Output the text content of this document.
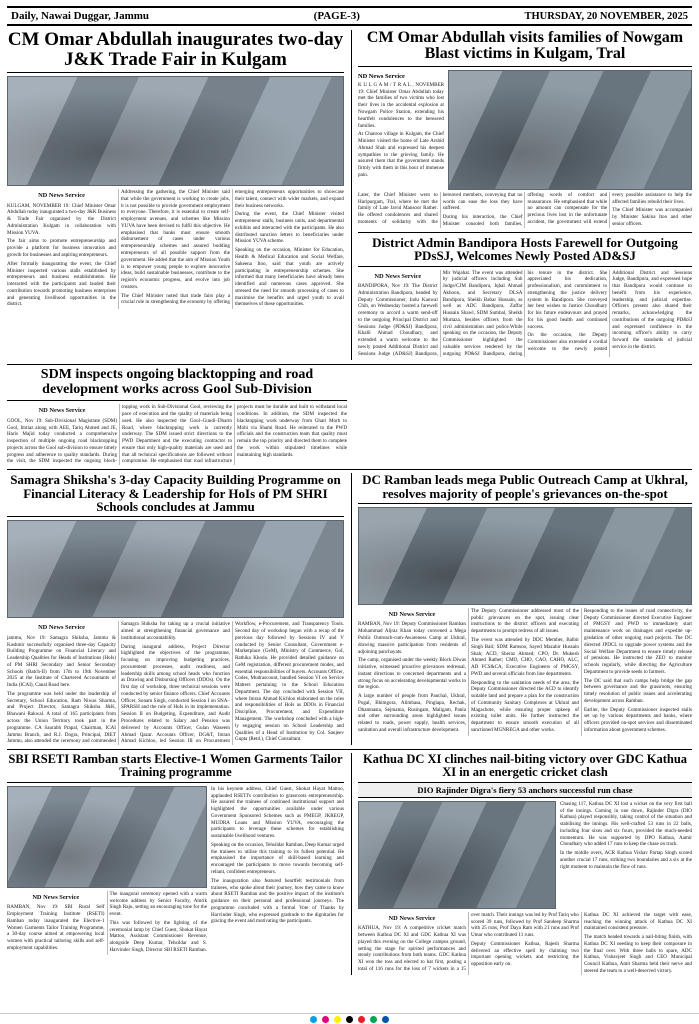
Daily, Nawai Duggar, Jammu	(PAGE-3)	THURSDAY, 20 NOVEMBER, 2025
CM Omar Abdullah inaugurates two-day J&K Trade Fair in Kulgam
ND News Service

KULGAM, NOVEMBER 19: Chief Minister Omar Abdullah today inaugurated a two-day J&K Business & Trade Fair organised by the District Administration Kulgam in collaboration with Mission YUVA.

The fair aims to promote entrepreneurship and provide a platform for business innovation and growth for businesses and aspiring entrepreneurs.

After formally inaugurating the event, the Chief Minister inspected various stalls established by entrepreneurs and business establishments. He interacted with the participants and lauded their contribution towards promoting business enterprises and generating livelihood opportunities in the district.

Addressing the gathering, the Chief Minister said that while the government is working to create jobs, it is not possible to provide government employment to everyone. Therefore, it is essential to create self-employment avenues, and schemes like Mission YUVA have been devised to fulfil this objective. He emphasised that banks must ensure smooth disbursement of cases under various entrepreneurship schemes and assured budding entrepreneurs of all possible support from the government. He added that the aim of Mission Youth is to empower young people to explore innovative ideas, build sustainable businesses, contribute to the region's economic progress, and evolve into job creators.

The Chief Minister noted that trade fairs play a crucial role in strengthening the economy by offering emerging entrepreneurs opportunities to showcase their talent, connect with wider markets, and expand their business networks.

During the event, the Chief Minister visited entrepreneur stalls, business units, and departmental exhibits and interacted with the participants. He also distributed sanction letters to beneficiaries under Mission YUVA scheme.

Speaking on the occasion, Minister for Education, Health & Medical Education and Social Welfare, Sakeena Itoo, said that youth are actively participating in entrepreneurship schemes. She informed that many beneficiaries have already been identified and numerous cases approved. She stressed the need for smooth processing of cases to maximise the benefits and urged youth to avail themselves of these opportunities.

CM Omar Abdullah visits families of Nowgam Blast victims in Kulgam, Tral
ND News Service

K U L G A M / T R A L , NOVEMBER 19: Chief Minister Omar Abdullah today met the families of two victims who lost their lives in the accidental explosion at Nowgam Police Station, extending his heartfelt condolences to the bereaved families.

At Chanroo village in Kulgam, the Chief Minister visited the home of Late Arshid Ahmad Shah and expressed his deepest sympathies to the grieving family. He assured them that the government stands firmly with them in this hour of immense pain.

Later, the Chief Minister went to Huripurgam, Tral, where he met the family of Late Javid Mansoor Rather. He offered condolences and shared moments of solidarity with the bereaved members, conveying that no words can ease the loss they have suffered.

During his interaction, the Chief Minister consoled both families, offering words of comfort and reassurance. He emphasised that while no amount can compensate for the precious lives lost in the unfortunate accident, the government will extend every possible assistance to help the affected families rebuild their lives.

The Chief Minister was accompanied by Minister Sakina Itoo and other senior officers.

District Admin Bandipora Hosts Farewell for Outgoing PDsSJ, Welcomes Newly Posted AD&SJ
ND News Service

BANDIPORA, Nov 19: The District Administration Bandipora, headed by Deputy Commissioner, Indu Kanwal Chib, on Wednesday hosted a farewell ceremony to accord a warm send-off to the outgoing Principal District and Sessions Judge (PD&SJ) Bandipora, Khalil Ahmad Choudhary, and extended a warm welcome to the newly posted Additional District and Sessions Judge (AD&SJ) Bandipora, Mir Wajahat. The event was attended by judicial officers including Sub Judge/CJM Bandipora, Iqbal Ahmad Akhoon, and Secretary DLSA Bandipora, Sheikh Babar Hussain, as well as ADC Bandipora, Zaffar Hussain Shawl, SDM Sumbal, Sheikh Murtaza, besides officers from the civil administration and police.While speaking on the occasion, the Deputy Commissioner highlighted the valuable services rendered by the outgoing PD&SJ Bandipora, during his tenure in the district. She appreciated his dedication, professionalism, and commitment to strengthening the justice delivery system in Bandipora. She conveyed her best wishes to Justice Choudhary for his future endeavours and prayed for his good health and continued success.

On the occasion, the Deputy Commissioner also extended a cordial welcome to the newly posted Additional District and Sessions Judge, Bandipora, and expressed hope that Bandipora would continue to benefit from his experience, leadership, and judicial expertise. Officers present also shared their remarks, acknowledging the contributions of the outgoing PD&SJ and expressed confidence in the incoming officer's ability to carry forward the standards of judicial service in the district.

SDM inspects ongoing blacktopping and road development works across Gool Sub-Division
ND News Service

GOOL, Nov 19: Sub-Divisional Magistrate (SDM) Gool, Imtiaz along with AEE, Tariq Ahmed and JE, Haris Majid today conducted a comprehensive inspection of multiple ongoing road blacktopping projects across the Gool sub-division to ensure timely progress and adherence to quality standards. During the visit, the SDM inspected the ongoing block-topping work in Sub-Divisional Gool, reviewing the pace of execution and the quality of materials being used. He also inspected the Gool–Gundi–Dharm Road, where blacktopping work is currently underway. The SDM issued strict directions to the PWD Department and the executing contractor to ensure that only high-quality materials are used and that all technical specifications are followed without compromise. He emphasised that road infrastructure projects must be durable and built to withstand local conditions. In addition, the SDM inspected the blacktopping work underway from Ghari Morh to Mohi via Shami Road. He reiterated to the PWD officials and the construction team that quality must remain the top priority and directed them to complete the work within stipulated timelines while maintaining high standards.

Samagra Shiksha's 3-day Capacity Building Programme on Financial Literacy & Leadership for HoIs of PM SHRI Schools concludes at Jammu
ND News Service

jammu, Nov 19: Samagra Shiksha, Jammu & Kashmir successfully organised three-day Capacity Building Programme on Financial Literacy and Leadership Qualities for Heads of Institutions (HoIs) of PM SHRI Secondary and Senior Secondary Schools (Batch-II) from 17th to 19th November 2025 at the Institute of Chartered Accountants of India (ICAI), Canal Road here.

The programme was held under the leadership of Secretary, School Education, Ram Niwas Sharma, and Project Director, Samagra Shiksha J&K, Bhawani Rakwal. A total of 165 participants from across the Union Territory took part in the programme. CA Saurabh Prapal, Chairman, ICAI Jammu Branch, and R.J. Dogra, Principal, DIET Jammu, also attended the ceremony and commended Samagra Shiksha for taking up a crucial initiative aimed at strengthening financial governance and institutional accountability.

During inaugural address, Project Director highlighted the objectives of the programme, focusing on improving budgeting practices, procurement processes, audit readiness, and leadership skills among school heads who function as Drawing and Disbursing Officers (DDOs). On the first day of workshop, three technical sessions were conducted by senior finance officers. Chief Accounts Officer, Sonam Singh, conducted Session I on SNA–SPARSH and the role of HoIs in its implementation. Session II on Budgeting, Expenditure, and Audit Procedures related to Salary and Pension was delivered by Accounts Officer, Gulan Waseem Ahmad Qazar. Accounts Officer, DG&T, Imran Ahmad Kichloo, led Session III on Procurement Workflow, e-Procurement, and Transparency Tools. Second day of workshop began with a recap of the previous day followed by Sessions IV and V conducted by Senior Consultant, Government e-Marketplace (GeM), Ministry of Commerce, GoI, Rathika Khoda. He provided detailed guidance on GeM registration, different procurement modes, and essential responsibilities of buyers. Accounts Officer, Codes, Mudrascount, handled Session VI on Service Matters pertaining to the School Education Department. The day concluded with Session VII, where Imran Ahmad Kichloo elaborated on the roles and responsibilities of HoIs as DDOs in Financial Discipline, Procurement, and Expenditure Management. The workshop concluded with a high-ly engaging session on School Leadership and Qualities of a Head of Institution by Col. Sanjeev Gupta (Retd.), Chief Consultant.

DC Ramban leads mega Public Outreach Camp at Ukhral, resolves majority of people's grievances on-the-spot
ND News Service

RAMBAN, Nov 19: Deputy Commissioner Ramban Mohammad Aljraz Khan today convened a Mega Public Outreach-cum-Awareness Camp at Ukhral, drawing massive participation from residents of adjoining panchayats.

The camp, organised under the weekly Block Diwas initiative, witnessed proactive grievances redressal, instant directions to concerned departments and a strong focus on accelerating developmental works in the region.

A large number of people from Panchal, Ukhral, Pogal, Bhimgora, Alimbasa, Pinglapa, Rechak, Dhamnasta, Sejmatna, Rusingam, Maligam, Panla and other surrounding areas highlighted issues related to roads, power supply, health services, sanitation and overall infrastructure development.

The Deputy Commissioner addressed most of the public grievances on the spot, issuing clear instructions to the district officers and executing departments to prompt redress of all issues.

The event was attended by DDC Member, Balbir Singh Bali; SDM Ramsoo, Sayed Mazahir Hussain Shah; ACD, Sheraz Ahmed; CPO, Dr. Mukesh Ahmed Rather; CMO, CHO, CAO, CAHO, ALC, AD FCS&CA, Executive Engineers of PMGSY, PWD and several officials from line departments.

Responding to the sanitation needs of the area, the Deputy Commissioner directed the ACD to identify suitable land and prepare a plan for the construction of Community Sanitary Complexes at Ukhral and Magachote, while ensuring proper upkeep of existing toilet units. He further instructed the department to ensure smooth execution of all sanctioned MGNREGA and other works.

Responding to the issues of road connectivity, the Deputy Commissioner directed Executive Engineer of PMGSY and PWD to immediately start maintenance work on drainages and expedite up-gradation of other ongoing road projects. The DC directed JPDCL to upgrade power systems and the Social Welfare Department to ensure timely release of pensions. He instructed the ZEO to monitor schools regularly, while directing the Agriculture Department to provide seeds to farmers.

The DC said that such camps help bridge the gap between governance and the grassroots, ensuring timely resolution of public issues and accelerating development across Ramban.

Earlier, the Deputy Commissioner inspected stalls set up by various departments and banks, where officers provided on-spot services and disseminated information about government schemes.

SBI RSETI Ramban starts Elective-1 Women Garments Tailor Training programme
ND News Service

RAMBAN, Nov 19: SBI Rural Self Employment Training Institute (RSETI) Ramban today inaugurated the Elective-1 Women Garments Tailor Training Programme, a 30-day course aimed at empowering local women with practical tailoring skills and self-employment capabilities.

The inaugural ceremony opened with a warm welcome address by Senior Faculty, Amrik Singh Raju, setting an encouraging tone for the event.

This was followed by the lighting of the ceremonial lamp by Chief Guest, Shokat Hayat Mattoo, Assistant Commissioner Revenue, alongside Deep Kumar, Tehsildar and S. Harvinder Singh, Director SBI RSETI Ramban.

In his keynote address, Chief Guest, Shokat Hayat Mattoo, applauded RSETI's contribution to grassroots entrepreneurship. He assured the trainees of continued institutional support and highlighted the opportunities available under various Government Sponsored Schemes such as PMEGP, JKREGP, MUDRA Loans and Mission YUVA, encouraging the participants to leverage these schemes for establishing sustainable livelihood ventures.

Speaking on the occasion, Tehsildar Ramban, Deep Kumar urged the trainees to utilise this training to its fullest potential. He emphasised the importance of skill-based learning and encouraged the participants to move towards becoming self-reliant, confident entrepreneurs.

The inauguration also featured heartfelt testimonials from trainees, who spoke about their journey, how they came to know about RSETI Ramban and the positive impact of the institute's guidance on their personal and professional journeys. The programme concluded with a formal Vote of Thanks by Harvinder Singh, who expressed gratitude to the dignitaries for gracing the event and motivating the participants.

Kathua DC XI clinches nail-biting victory over GDC Kathua XI in an energetic cricket clash
DIO Rajinder Digra's fiery 53 anchors successful run chase

Chasing 117, Kathua DC XI lost a wicket on the very first ball of the innings. Coming in one down, Rajinder Digra (DIO Kathua) played responsibly, taking control of the situation and stabilising the innings. His well-crafted 53 runs in 22 balls, including four sixes and six fours, provided the much-needed momentum. He was supported by DPO Kathua, Aamir Choudhary who added 17 runs to keep the chase on track.

In the middle overs, ACR Kathua Vishav Partap Singh scored another crucial 17 runs, striking two boundaries and a six at the right moment to maintain the flow of runs.

ND News Service

KATHUA, Nov 19: A competitive cricket match between Kathua DC XI and GDC Kathua XI was played this evening on the College campus ground, setting the stage for spirited performances and steady contributions from both teams. GDC Kathua XI won the toss and elected to bat first, posting a total of 116 runs for the loss of 7 wickets in a 15 over match. Their innings was led by Prof Tariq who scored 39 runs, followed by Prof Sandeep Sharma with 25 runs, Prof Daya Ram with 21 runs and Prof Umar who contributed 11 runs.

Deputy Commissioner Kathua, Rajesh Sharma delivered an effective spell by claiming two important opening wickets and restricting the opposition early on.

Kathua DC XI achieved the target with ease, reaching the winning attack of Kathua DC XI maintained consistent pressure.

The match headed towards a nail-biting finish, with Kathua DC XI needing to keep their composure in the final over. With three balls to spare, ADC Kathua, Vishavjeet Singh and CEO Municipal Council Kathua, Amit Sharma held their nerve and steered the team to a well-deserved victory.
